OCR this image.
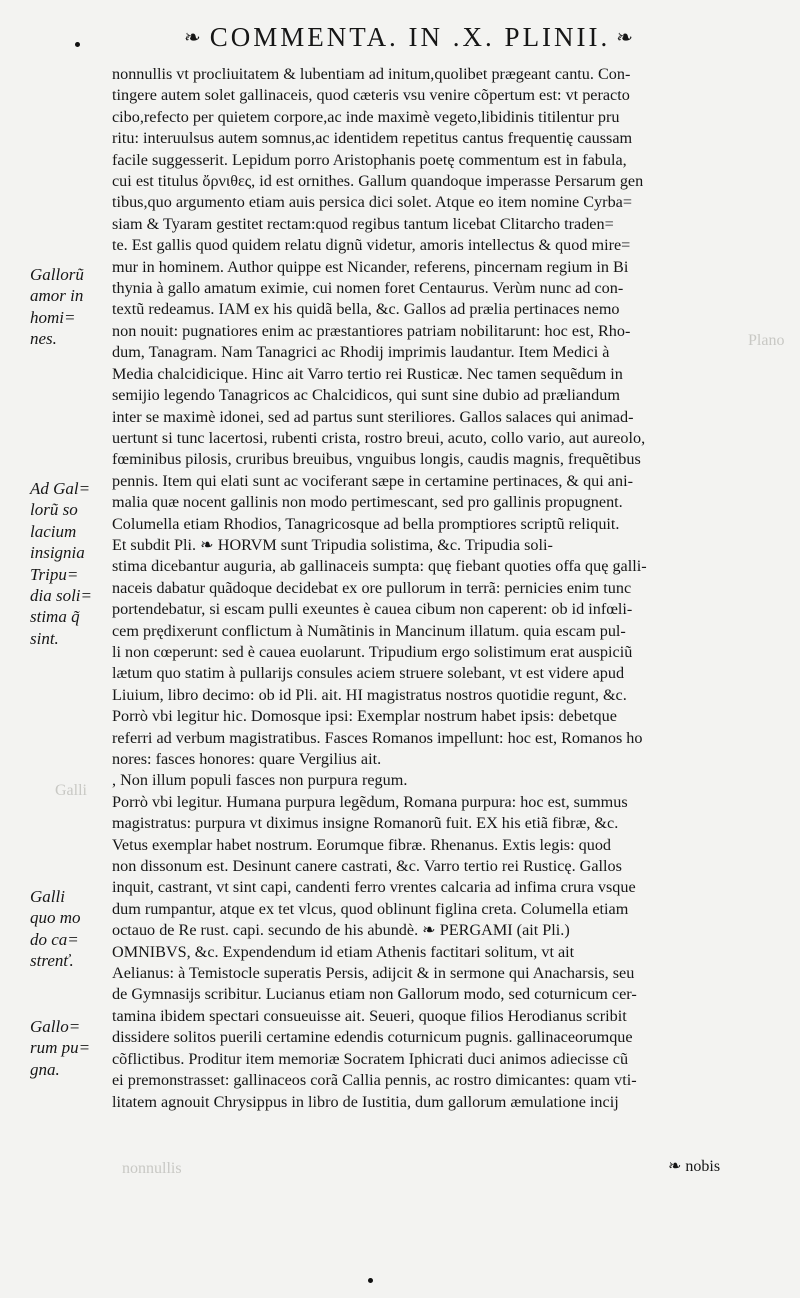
❧ COMMENTA. IN .X. PLINII. ❧
Plano
Galli
nonnullis
nonnullis vt procliuitatem & lubentiam ad initum,quolibet prægeant cantu. Con-
tingere autem solet gallinaceis, quod cæteris vsu venire cõpertum est: vt peracto
cibo,refecto per quietem corpore,ac inde maximè vegeto,libidinis titilentur pru
ritu: interuulsus autem somnus,ac identidem repetitus cantus frequentię caussam
facile suggesserit. Lepidum porro Aristophanis poetę commentum est in fabula,
cui est titulus ὄρνιθες, id est ornithes. Gallum quandoque imperasse Persarum gen
tibus,quo argumento etiam auis persica dici solet. Atque eo item nomine Cyrba=
siam & Tyaram gestitet rectam:quod regibus tantum licebat Clitarcho traden=
te. Est gallis quod quidem relatu dignũ videtur, amoris intellectus & quod mire=
mur in hominem. Author quippe est Nicander, referens, pincernam regium in Bi
thynia à gallo amatum eximie, cui nomen foret Centaurus. Verùm nunc ad con-
textũ redeamus. IAM ex his quidã bella, &c. Gallos ad prælia pertinaces nemo
non nouit: pugnatiores enim ac præstantiores patriam nobilitarunt: hoc est, Rho-
dum, Tanagram. Nam Tanagrici ac Rhodij imprimis laudantur. Item Medici à
Media chalcidicique. Hinc ait Varro tertio rei Rusticæ. Nec tamen sequẽdum in
semijio legendo Tanagricos ac Chalcidicos, qui sunt sine dubio ad præliandum
inter se maximè idonei, sed ad partus sunt steriliores. Gallos salaces qui animad-
uertunt si tunc lacertosi, rubenti crista, rostro breui, acuto, collo vario, aut aureolo,
fœminibus pilosis, cruribus breuibus, vnguibus longis, caudis magnis, frequẽtibus
pennis. Item qui elati sunt ac vociferant sæpe in certamine pertinaces, & qui ani-
malia quæ nocent gallinis non modo pertimescant, sed pro gallinis propugnent.
Columella etiam Rhodios, Tanagricosque ad bella promptiores scriptũ reliquit.
Et subdit Pli. ❧ HORVM sunt Tripudia solistima, &c. Tripudia soli-
stima dicebantur auguria, ab gallinaceis sumpta: quę fiebant quoties offa quę galli-
naceis dabatur quãdoque decidebat ex ore pullorum in terrã: pernicies enim tunc
portendebatur, si escam pulli exeuntes è cauea cibum non caperent: ob id infœli-
cem prędixerunt conflictum à Numãtinis in Mancinum illatum. quia escam pul-
li non cœperunt: sed è cauea euolarunt. Tripudium ergo solistimum erat auspiciũ
lætum quo statim à pullarijs consules aciem struere solebant, vt est videre apud
Liuium, libro decimo: ob id Pli. ait. HI magistratus nostros quotidie regunt, &c.
Porrò vbi legitur hic. Domosque ipsi: Exemplar nostrum habet ipsis: debetque
referri ad verbum magistratibus. Fasces Romanos impellunt: hoc est, Romanos ho
nores: fasces honores: quare Vergilius ait.
, Non illum populi fasces non purpura regum.
Porrò vbi legitur. Humana purpura legẽdum, Romana purpura: hoc est, summus
magistratus: purpura vt diximus insigne Romanorũ fuit. EX his etiã fibræ, &c.
Vetus exemplar habet nostrum. Eorumque fibræ. Rhenanus. Extis legis: quod
non dissonum est. Desinunt canere castrati, &c. Varro tertio rei Rusticę. Gallos
inquit, castrant, vt sint capi, candenti ferro vrentes calcaria ad infima crura vsque
dum rumpantur, atque ex tet vlcus, quod oblinunt figlina creta. Columella etiam
octauo de Re rust. capi. secundo de his abundè. ❧ PERGAMI (ait Pli.)
OMNIBVS, &c. Expendendum id etiam Athenis factitari solitum, vt ait
Aelianus: à Temistocle superatis Persis, adijcit & in sermone qui Anacharsis, seu
de Gymnasijs scribitur. Lucianus etiam non Gallorum modo, sed coturnicum cer-
tamina ibidem spectari consueuisse ait. Seueri, quoque filios Herodianus scribit
dissidere solitos puerili certamine edendis coturnicum pugnis. gallinaceorumque
cõflictibus. Proditur item memoriæ Socratem Iphicrati duci animos adiecisse cũ
ei premonstrasset: gallinaceos corã Callia pennis, ac rostro dimicantes: quam vti-
litatem agnouit Chrysippus in libro de Iustitia, dum gallorum æmulatione incij
Gallorũ
amor in
homi=
nes.
Ad Gal=
lorũ so
lacium
insignia
Tripu=
dia soli=
stima q̃
sint.
Galli
quo mo
do ca=
strenť.
Gallo=
rum pu=
gna.
❧ nobis
